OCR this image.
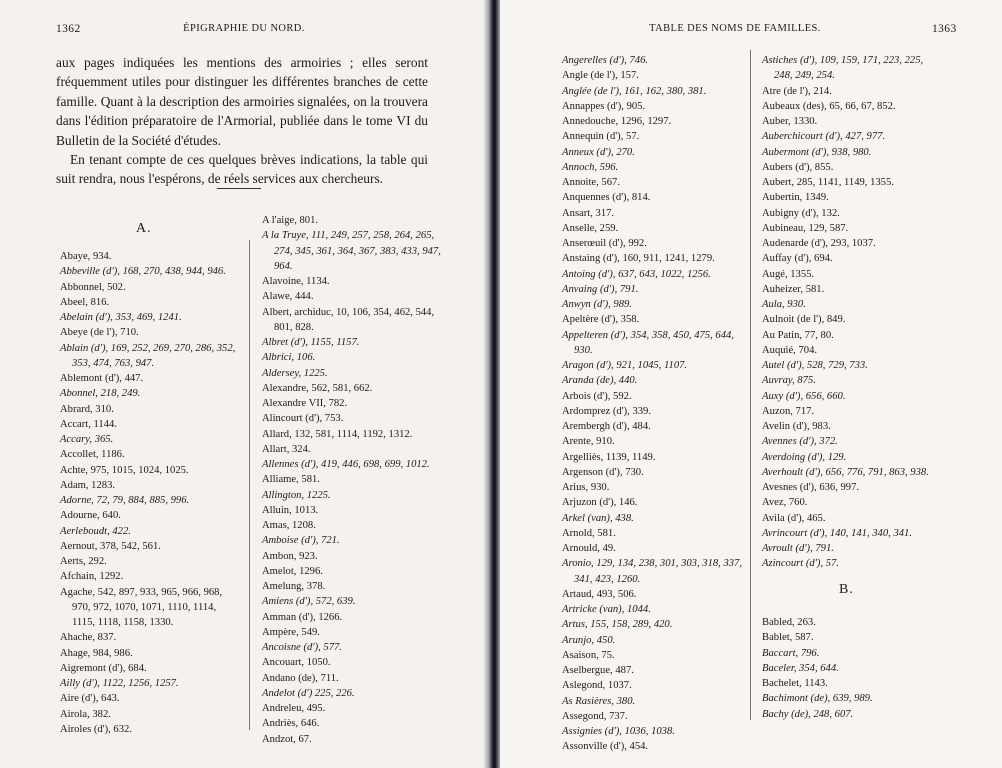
1362	ÉPIGRAPHIE DU NORD.

aux pages indiquées les mentions des armoiries ; elles seront fréquemment utiles pour distinguer les différentes branches de cette famille. Quant à la description des armoiries signalées, on la trouvera dans l'édition préparatoire de l'Armorial, publiée dans le tome VI du Bulletin de la Société d'études.

En tenant compte de ces quelques brèves indications, la table qui suit rendra, nous l'espérons, de réels services aux chercheurs.

A.
Abaye, 934.
Abbeville (d'), 168, 270, 438, 944, 946.
Abbonnel, 502.
Abeel, 816.
Abelain (d'), 353, 469, 1241.
Abeye (de l'), 710.
Ablain (d'), 169, 252, 269, 270, 286, 352, 353, 474, 763, 947.
Ablemont (d'), 447.
Abonnel, 218, 249.
Abrard, 310.
Accart, 1144.
Accary, 365.
Accollet, 1186.
Achte, 975, 1015, 1024, 1025.
Adam, 1283.
Adorne, 72, 79, 884, 885, 996.
Adourne, 640.
Aerleboudt, 422.
Aernout, 378, 542, 561.
Aerts, 292.
Afchain, 1292.
Agache, 542, 897, 933, 965, 966, 968, 970, 972, 1070, 1071, 1110, 1114, 1115, 1118, 1158, 1330.
Ahache, 837.
Ahage, 984, 986.
Aigremont (d'), 684.
Ailly (d'), 1122, 1256, 1257.
Aire (d'), 643.
Airola, 382.
Airoles (d'), 632.
A l'aige, 801.
A la Truye, 111, 249, 257, 258, 264, 265, 274, 345, 361, 364, 367, 383, 433, 947, 964.
Alavoine, 1134.
Alawe, 444.
Albert, archiduc, 10, 106, 354, 462, 544, 801, 828.
Albret (d'), 1155, 1157.
Albrici, 106.
Aldersey, 1225.
Alexandre, 562, 581, 662.
Alexandre VII, 782.
Alincourt (d'), 753.
Allard, 132, 581, 1114, 1192, 1312.
Allart, 324.
Allennes (d'), 419, 446, 698, 699, 1012.
Alliame, 581.
Allington, 1225.
Alluin, 1013.
Amas, 1208.
Amboise (d'), 721.
Ambon, 923.
Amelot, 1296.
Amelung, 378.
Amiens (d'), 572, 639.
Amman (d'), 1266.
Ampère, 549.
Ancoisne (d'), 577.
Ancouart, 1050.
Andano (de), 711.
Andelot (d') 225, 226.
Andreleu, 495.
Andriès, 646.
Andzot, 67.
TABLE DES NOMS DE FAMILLES.	1363
Angerelles (d'), 746.
Angle (de l'), 157.
Anglée (de l'), 161, 162, 380, 381.
Annappes (d'), 905.
Annedouche, 1296, 1297.
Annequin (d'), 57.
Anneux (d'), 270.
Annoch, 596.
Annoite, 567.
Anquennes (d'), 814.
Ansart, 317.
Anselle, 259.
Anserœuil (d'), 992.
Anstaing (d'), 160, 911, 1241, 1279.
Antoing (d'), 637, 643, 1022, 1256.
Anvaing (d'), 791.
Anwyn (d'), 989.
Apeltère (d'), 358.
Appelteren (d'), 354, 358, 450, 475, 644, 930.
Aragon (d'), 921, 1045, 1107.
Aranda (de), 440.
Arbois (d'), 592.
Ardomprez (d'), 339.
Arembergh (d'), 484.
Arente, 910.
Argelliès, 1139, 1149.
Argenson (d'), 730.
Arius, 930.
Arjuzon (d'), 146.
Arkel (van), 438.
Arnold, 581.
Arnould, 49.
Aronio, 129, 134, 238, 301, 303, 318, 337, 341, 423, 1260.
Artaud, 493, 506.
Artricke (van), 1044.
Artus, 155, 158, 289, 420.
Arunjo, 450.
Asaison, 75.
Aselbergue, 487.
Aslegond, 1037.
As Rasières, 380.
Assegond, 737.
Assignies (d'), 1036, 1038.
Assonville (d'), 454.
Astiches (d'), 109, 159, 171, 223, 225, 248, 249, 254.
Atre (de l'), 214.
Aubeaux (des), 65, 66, 67, 852.
Auber, 1330.
Auberchicourt (d'), 427, 977.
Aubermont (d'), 938, 980.
Aubers (d'), 855.
Aubert, 285, 1141, 1149, 1355.
Aubertin, 1349.
Aubigny (d'), 132.
Aubineau, 129, 587.
Audenarde (d'), 293, 1037.
Auffay (d'), 694.
Augé, 1355.
Auheizer, 581.
Aula, 930.
Aulnoit (de l'), 849.
Au Patin, 77, 80.
Auquié, 704.
Autel (d'), 528, 729, 733.
Auvray, 875.
Auxy (d'), 656, 660.
Auzon, 717.
Avelin (d'), 983.
Avennes (d'), 372.
Averdoing (d'), 129.
Averhoult (d'), 656, 776, 791, 863, 938.
Avesnes (d'), 636, 997.
Avez, 760.
Avila (d'), 465.
Avrincourt (d'), 140, 141, 340, 341.
Avroult (d'), 791.
Azincourt (d'), 57.
B.
Babled, 263.
Bablet, 587.
Baccart, 796.
Baceler, 354, 644.
Bachelet, 1143.
Bachimont (de), 639, 989.
Bachy (de), 248, 607.
